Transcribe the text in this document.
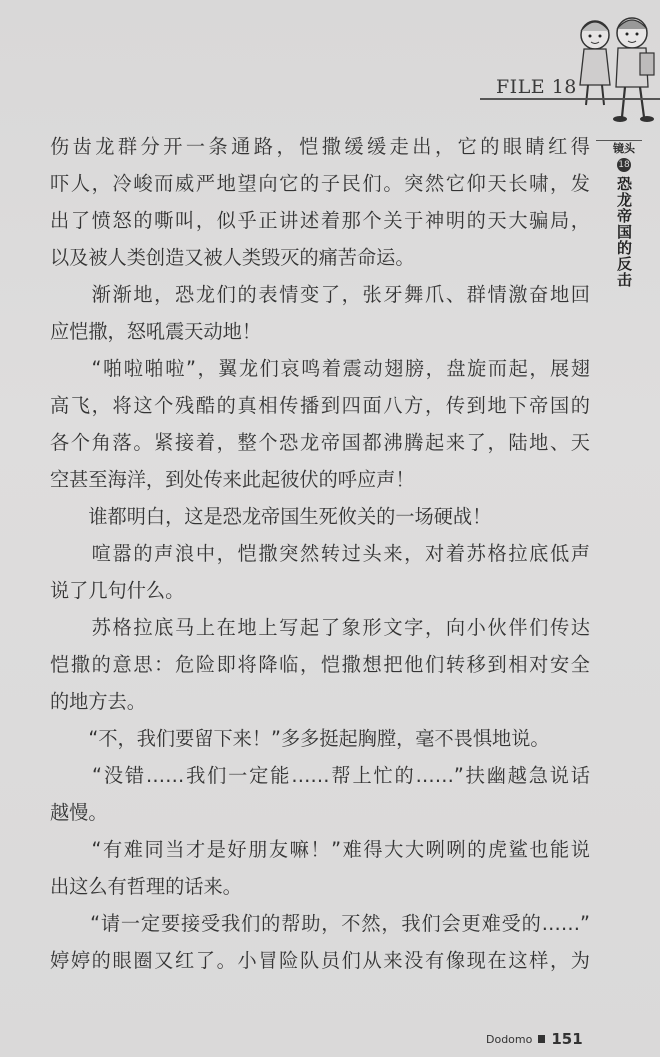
FILE 18
镜头
18
恐龙帝国的反击
伤齿龙群分开一条通路，恺撒缓缓走出，它的眼睛红得
吓人，冷峻而威严地望向它的子民们。突然它仰天长啸，发
出了愤怒的嘶叫，似乎正讲述着那个关于神明的天大骗局，
以及被人类创造又被人类毁灭的痛苦命运。
　　渐渐地，恐龙们的表情变了，张牙舞爪、群情激奋地回
应恺撒，怒吼震天动地！
　　“啪啦啪啦”，翼龙们哀鸣着震动翅膀，盘旋而起，展翅
高飞，将这个残酷的真相传播到四面八方，传到地下帝国的
各个角落。紧接着，整个恐龙帝国都沸腾起来了，陆地、天
空甚至海洋，到处传来此起彼伏的呼应声！
　　谁都明白，这是恐龙帝国生死攸关的一场硬战！
　　喧嚣的声浪中，恺撒突然转过头来，对着苏格拉底低声
说了几句什么。
　　苏格拉底马上在地上写起了象形文字，向小伙伴们传达
恺撒的意思：危险即将降临，恺撒想把他们转移到相对安全
的地方去。
　　“不，我们要留下来！”多多挺起胸膛，毫不畏惧地说。
　　“没错……我们一定能……帮上忙的……”扶幽越急说话
越慢。
　　“有难同当才是好朋友嘛！”难得大大咧咧的虎鲨也能说
出这么有哲理的话来。
　　“请一定要接受我们的帮助，不然，我们会更难受的……”
婷婷的眼圈又红了。小冒险队员们从来没有像现在这样，为
Dodomo 151
